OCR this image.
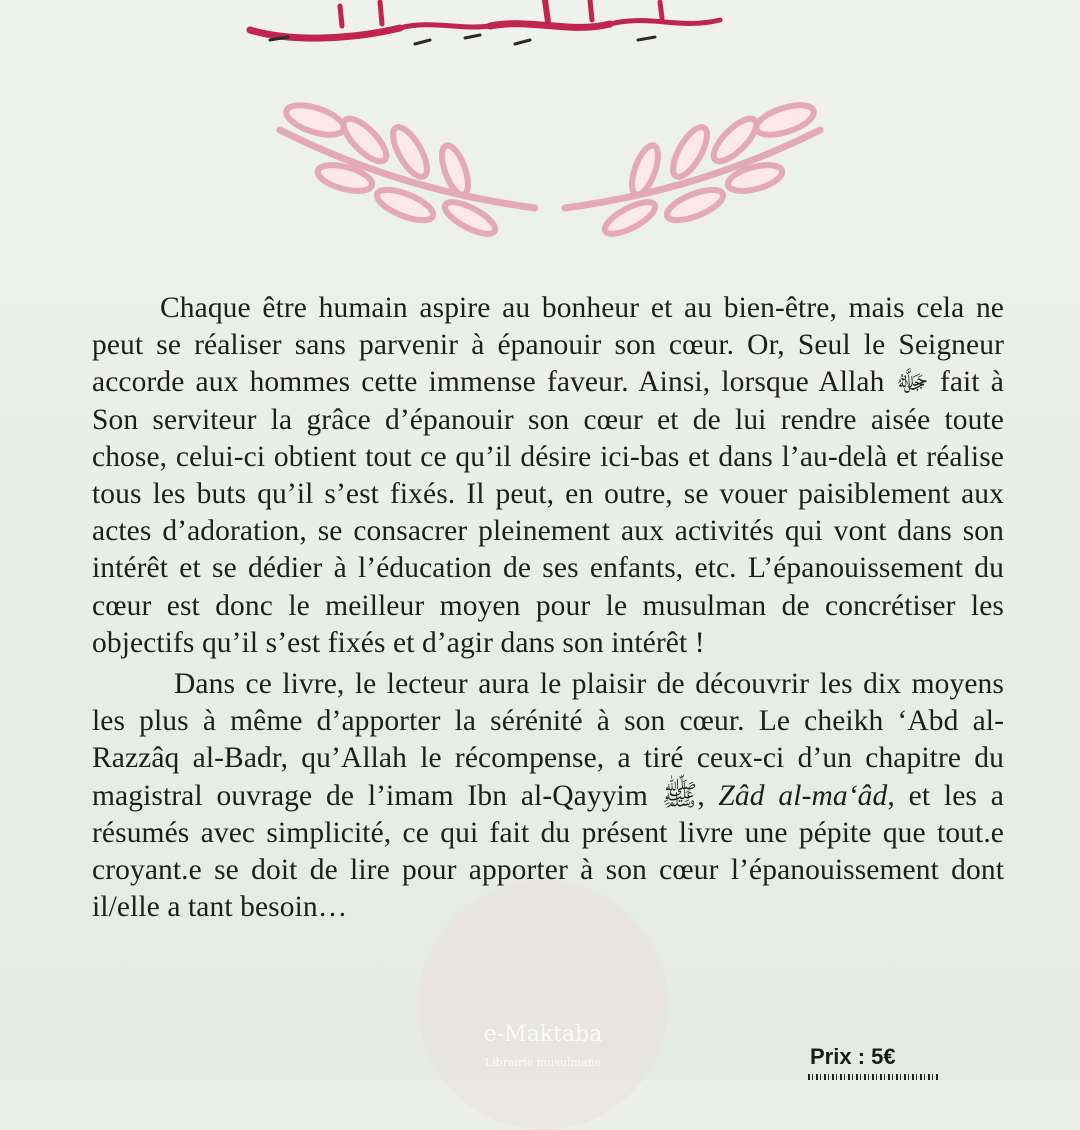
Chaque être humain aspire au bonheur et au bien-être, mais cela ne peut se réaliser sans parvenir à épanouir son cœur. Or, Seul le Seigneur accorde aux hommes cette immense faveur. Ainsi, lorsque Allah ﷻ fait à Son serviteur la grâce d’épanouir son cœur et de lui rendre aisée toute chose, celui-ci obtient tout ce qu’il désire ici-bas et dans l’au-delà et réalise tous les buts qu’il s’est fixés. Il peut, en outre, se vouer paisiblement aux actes d’adoration, se consacrer pleinement aux activités qui vont dans son intérêt et se dédier à l’éducation de ses enfants, etc. L’épanouissement du cœur est donc le meilleur moyen pour le musulman de concrétiser les objectifs qu’il s’est fixés et d’agir dans son intérêt !

Dans ce livre, le lecteur aura le plaisir de découvrir les dix moyens les plus à même d’apporter la sérénité à son cœur. Le cheikh ‘Abd al-Razzâq al-Badr, qu’Allah le récompense, a tiré ceux-ci d’un chapitre du magistral ouvrage de l’imam Ibn al-Qayyim ﷺ, Zâd al-ma‘âd, et les a résumés avec simplicité, ce qui fait du présent livre une pépite que tout.e croyant.e se doit de lire pour apporter à son cœur l’épanouissement dont il/elle a tant besoin…

e-Maktaba
Librairie musulmane	Prix : 5€
